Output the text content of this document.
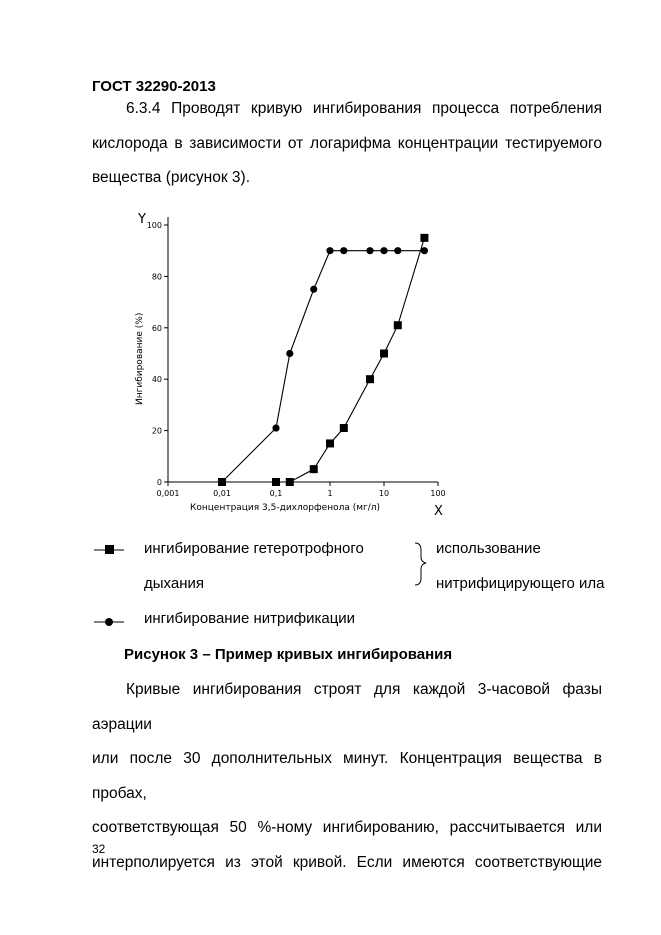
ГОСТ 32290-2013
6.3.4 Проводят кривую ингибирования процесса потребления
кислорода в зависимости от логарифма концентрации тестируемого
вещества (рисунок 3).
0,001	0,01	0,1	1	10	100
0
20
40
60
80
100
Y
X
Концентрация 3,5-дихлорфенола (мг/л)
Ингибирование (%)
ингибирование гетеротрофного
дыхания
ингибирование нитрификации
использование
нитрифицирующего ила
Рисунок 3 – Пример кривых ингибирования
Кривые ингибирования строят для каждой 3-часовой фазы аэрации
или после 30 дополнительных минут. Концентрация вещества в пробах,
соответствующая 50 %-ному ингибированию, рассчитывается или
интерполируется из этой кривой. Если имеются соответствующие
32
